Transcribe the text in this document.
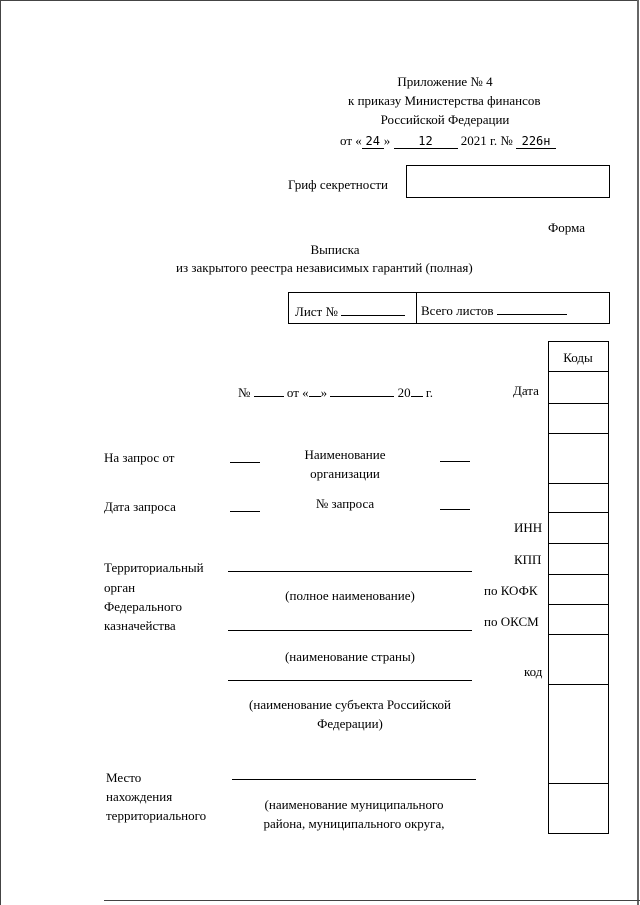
Приложение № 4
к приказу Министерства финансов
Российской Федерации
от « 24 » 12 2021 г. № 226н
Гриф секретности
Форма
Выписка
из закрытого реестра независимых гарантий (полная)
Лист №	Всего листов
Коды
№	от « »	20 г.	Дата
ИНН
КПП
по КОФК
по ОКСМ
код
На запрос от
Дата запроса
Территориальный
орган
Федерального
казначейства
Место
нахождения
территориального
Наименование
организации
№ запроса
(полное наименование)
(наименование страны)
(наименование субъекта Российской
Федерации)
(наименование муниципального
района, муниципального округа,
